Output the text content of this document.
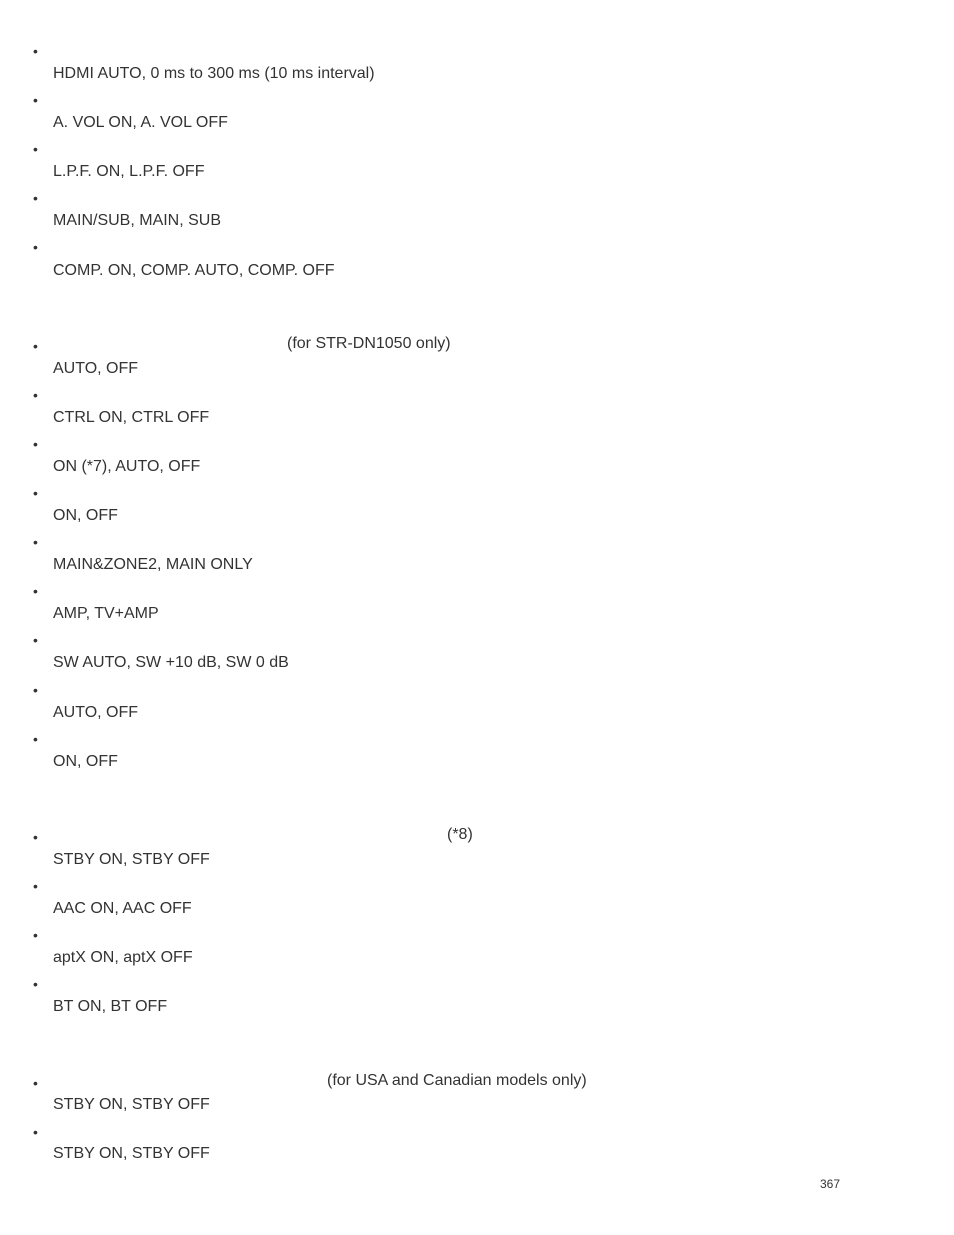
•
HDMI AUTO, 0 ms to 300 ms (10 ms interval)
•
A. VOL ON, A. VOL OFF
•
L.P.F. ON, L.P.F. OFF
•
MAIN/SUB, MAIN, SUB
•
COMP. ON, COMP. AUTO, COMP. OFF
•	(for STR-DN1050 only)
AUTO, OFF
•
CTRL ON, CTRL OFF
•
ON (*7), AUTO, OFF
•
ON, OFF
•
MAIN&ZONE2, MAIN ONLY
•
AMP, TV+AMP
•
SW AUTO, SW +10 dB, SW 0 dB
•
AUTO, OFF
•
ON, OFF
•	(*8)
STBY ON, STBY OFF
•
AAC ON, AAC OFF
•
aptX ON, aptX OFF
•
BT ON, BT OFF
•	(for USA and Canadian models only)
STBY ON, STBY OFF
•
STBY ON, STBY OFF
367
